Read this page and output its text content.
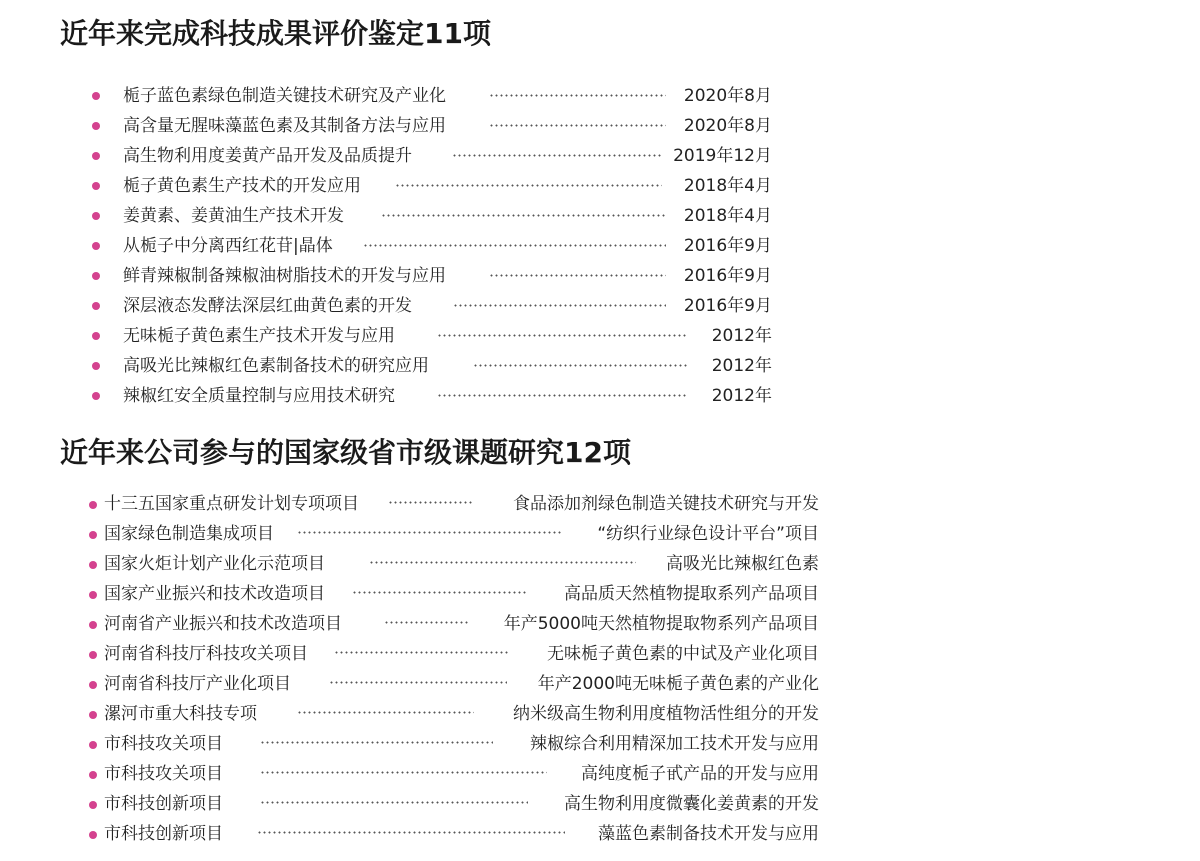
近年来完成科技成果评价鉴定11项
栀子蓝色素绿色制造关键技术研究及产业化	2020年8月
高含量无腥味藻蓝色素及其制备方法与应用	2020年8月
高生物利用度姜黄产品开发及品质提升	2019年12月
栀子黄色素生产技术的开发应用	2018年4月
姜黄素、姜黄油生产技术开发	2018年4月
从栀子中分离西红花苷|晶体	2016年9月
鲜青辣椒制备辣椒油树脂技术的开发与应用	2016年9月
深层液态发酵法深层红曲黄色素的开发	2016年9月
无味栀子黄色素生产技术开发与应用	2012年
高吸光比辣椒红色素制备技术的研究应用	2012年
辣椒红安全质量控制与应用技术研究	2012年
近年来公司参与的国家级省市级课题研究12项
十三五国家重点研发计划专项项目	食品添加剂绿色制造关键技术研究与开发
国家绿色制造集成项目	“纺织行业绿色设计平台”项目
国家火炬计划产业化示范项目	高吸光比辣椒红色素
国家产业振兴和技术改造项目	高品质天然植物提取系列产品项目
河南省产业振兴和技术改造项目	年产5000吨天然植物提取物系列产品项目
河南省科技厅科技攻关项目	无味栀子黄色素的中试及产业化项目
河南省科技厅产业化项目	年产2000吨无味栀子黄色素的产业化
漯河市重大科技专项	纳米级高生物利用度植物活性组分的开发
市科技攻关项目	辣椒综合利用精深加工技术开发与应用
市科技攻关项目	高纯度栀子甙产品的开发与应用
市科技创新项目	高生物利用度微囊化姜黄素的开发
市科技创新项目	藻蓝色素制备技术开发与应用
